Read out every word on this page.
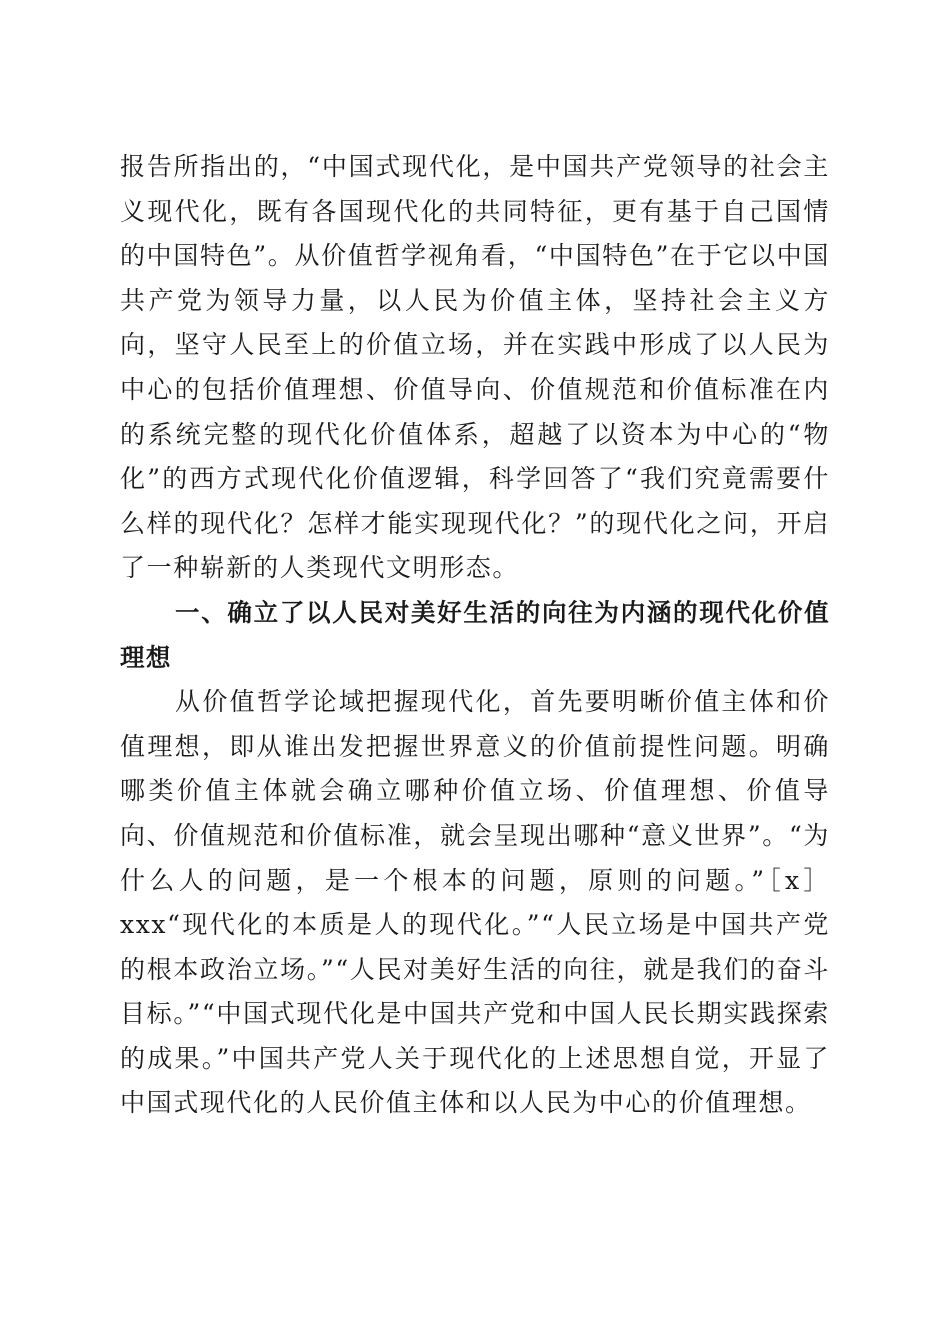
报告所指出的，“中国式现代化，是中国共产党领导的社会主义现代化，既有各国现代化的共同特征，更有基于自己国情的中国特色”。从价值哲学视角看，“中国特色”在于它以中国共产党为领导力量，以人民为价值主体，坚持社会主义方向，坚守人民至上的价值立场，并在实践中形成了以人民为中心的包括价值理想、价值导向、价值规范和价值标准在内的系统完整的现代化价值体系，超越了以资本为中心的“物化”的西方式现代化价值逻辑，科学回答了“我们究竟需要什么样的现代化？怎样才能实现现代化？”的现代化之问，开启了一种崭新的人类现代文明形态。

一、确立了以人民对美好生活的向往为内涵的现代化价值理想

从价值哲学论域把握现代化，首先要明晰价值主体和价值理想，即从谁出发把握世界意义的价值前提性问题。明确哪类价值主体就会确立哪种价值立场、价值理想、价值导向、价值规范和价值标准，就会呈现出哪种“意义世界”。“为什么人的问题，是一个根本的问题，原则的问题。”［x］xxx“现代化的本质是人的现代化。”“人民立场是中国共产党的根本政治立场。”“人民对美好生活的向往，就是我们的奋斗目标。”“中国式现代化是中国共产党和中国人民长期实践探索的成果。”中国共产党人关于现代化的上述思想自觉，开显了中国式现代化的人民价值主体和以人民为中心的价值理想。
